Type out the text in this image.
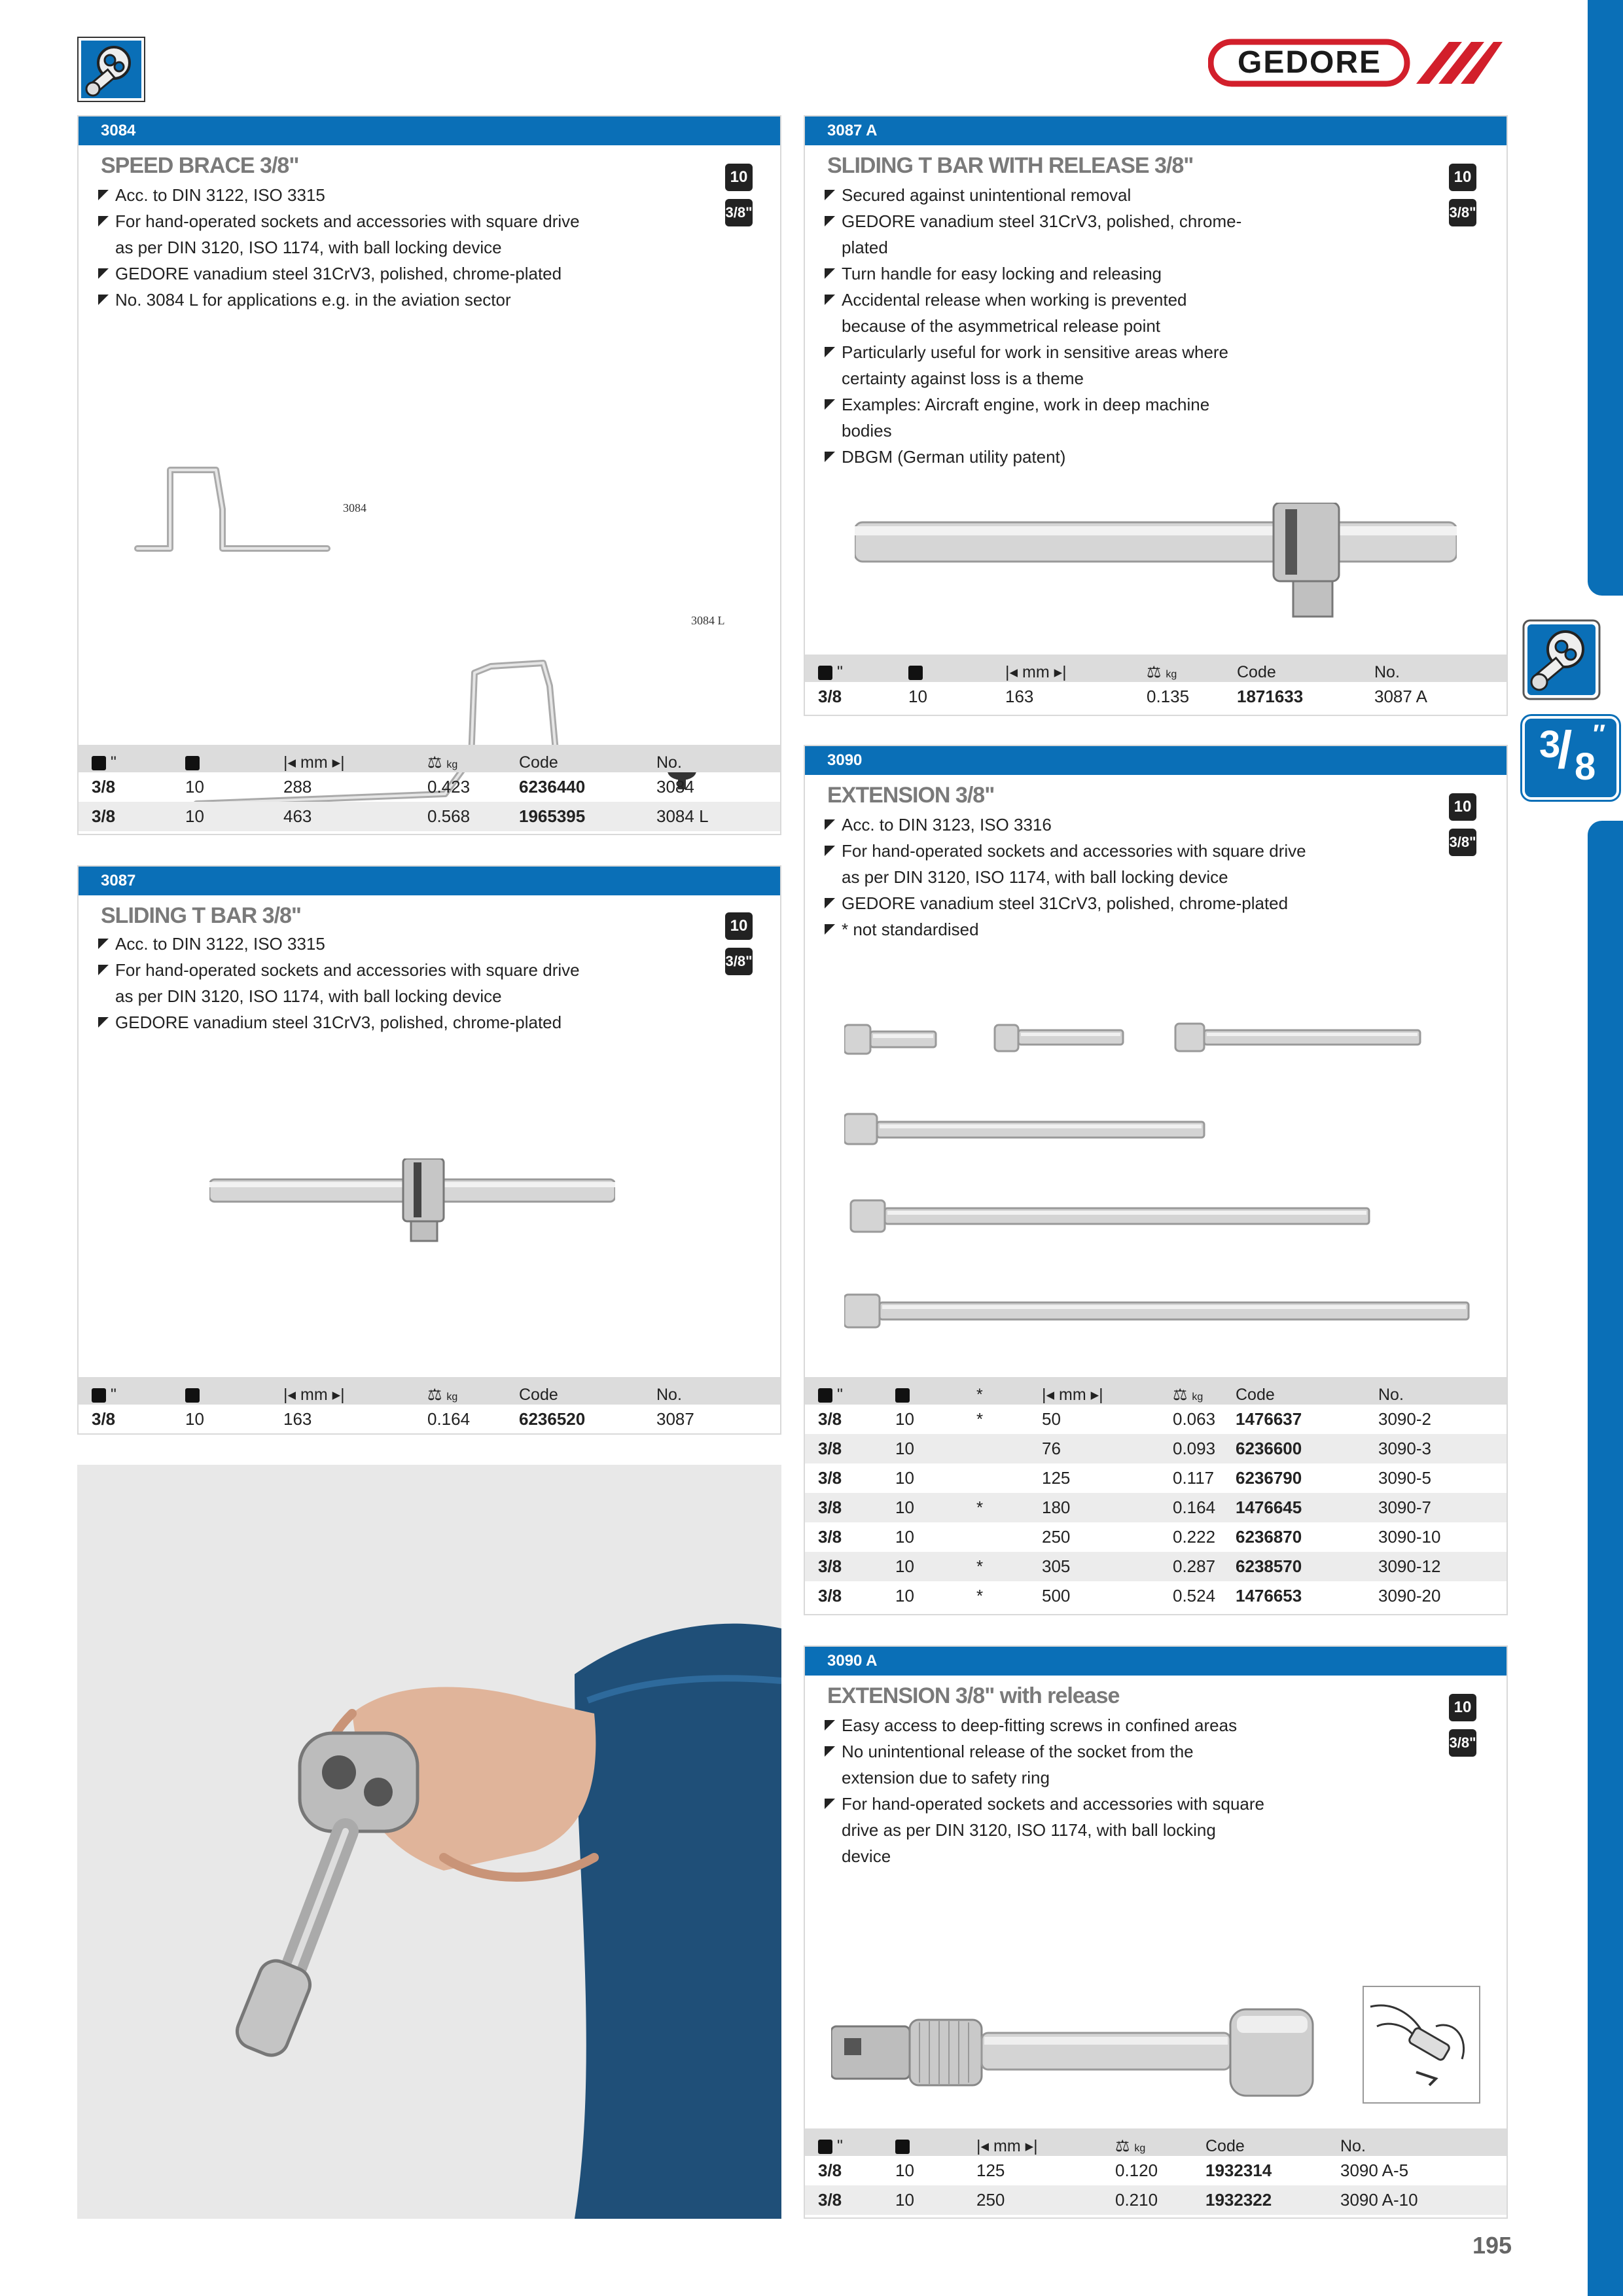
GEDORE
3
/ 8
″
3084
SPEED BRACE 3/8"	10
3/8"
Acc. to DIN 3122, ISO 3315
For hand-operated sockets and accessories with square drive as per DIN 3120, ISO 1174, with ball locking device
GEDORE vanadium steel 31CrV3, polished, chrome-plated
No. 3084 L for applications e.g. in the aviation sector
3084
3084 L
"		|◂ mm ▸|	⚖ kg	Code	No.
3/8	10	288	0.423	6236440	3084
3/8	10	463	0.568	1965395	3084 L
3087 A
SLIDING T BAR WITH RELEASE 3/8"	10
3/8"
Secured against unintentional removal
GEDORE vanadium steel 31CrV3, polished, chrome-plated
Turn handle for easy locking and releasing
Accidental release when working is prevented because of the asymmetrical release point
Particularly useful for work in sensitive areas where certainty against loss is a theme
Examples: Aircraft engine, work in deep machine bodies
DBGM (German utility patent)
"		|◂ mm ▸|	⚖ kg	Code	No.
3/8	10	163	0.135	1871633	3087 A
3087
SLIDING T BAR 3/8"	10
3/8"
Acc. to DIN 3122, ISO 3315
For hand-operated sockets and accessories with square drive as per DIN 3120, ISO 1174, with ball locking device
GEDORE vanadium steel 31CrV3, polished, chrome-plated
"		|◂ mm ▸|	⚖ kg	Code	No.
3/8	10	163	0.164	6236520	3087
3090
EXTENSION 3/8"	10
3/8"
Acc. to DIN 3123, ISO 3316
For hand-operated sockets and accessories with square drive as per DIN 3120, ISO 1174, with ball locking device
GEDORE vanadium steel 31CrV3, polished, chrome-plated
* not standardised
"		*	|◂ mm ▸|	⚖ kg	Code	No.
3/8	10	*	50	0.063	1476637	3090-2
3/8	10		76	0.093	6236600	3090-3
3/8	10		125	0.117	6236790	3090-5
3/8	10	*	180	0.164	1476645	3090-7
3/8	10		250	0.222	6236870	3090-10
3/8	10	*	305	0.287	6238570	3090-12
3/8	10	*	500	0.524	1476653	3090-20
3090 A
EXTENSION 3/8" with release	10
3/8"
Easy access to deep-fitting screws in confined areas
No unintentional release of the socket from the extension due to safety ring
For hand-operated sockets and accessories with square drive as per DIN 3120, ISO 1174, with ball locking device
"		|◂ mm ▸|	⚖ kg	Code	No.
3/8	10	125	0.120	1932314	3090 A-5
3/8	10	250	0.210	1932322	3090 A-10
195
